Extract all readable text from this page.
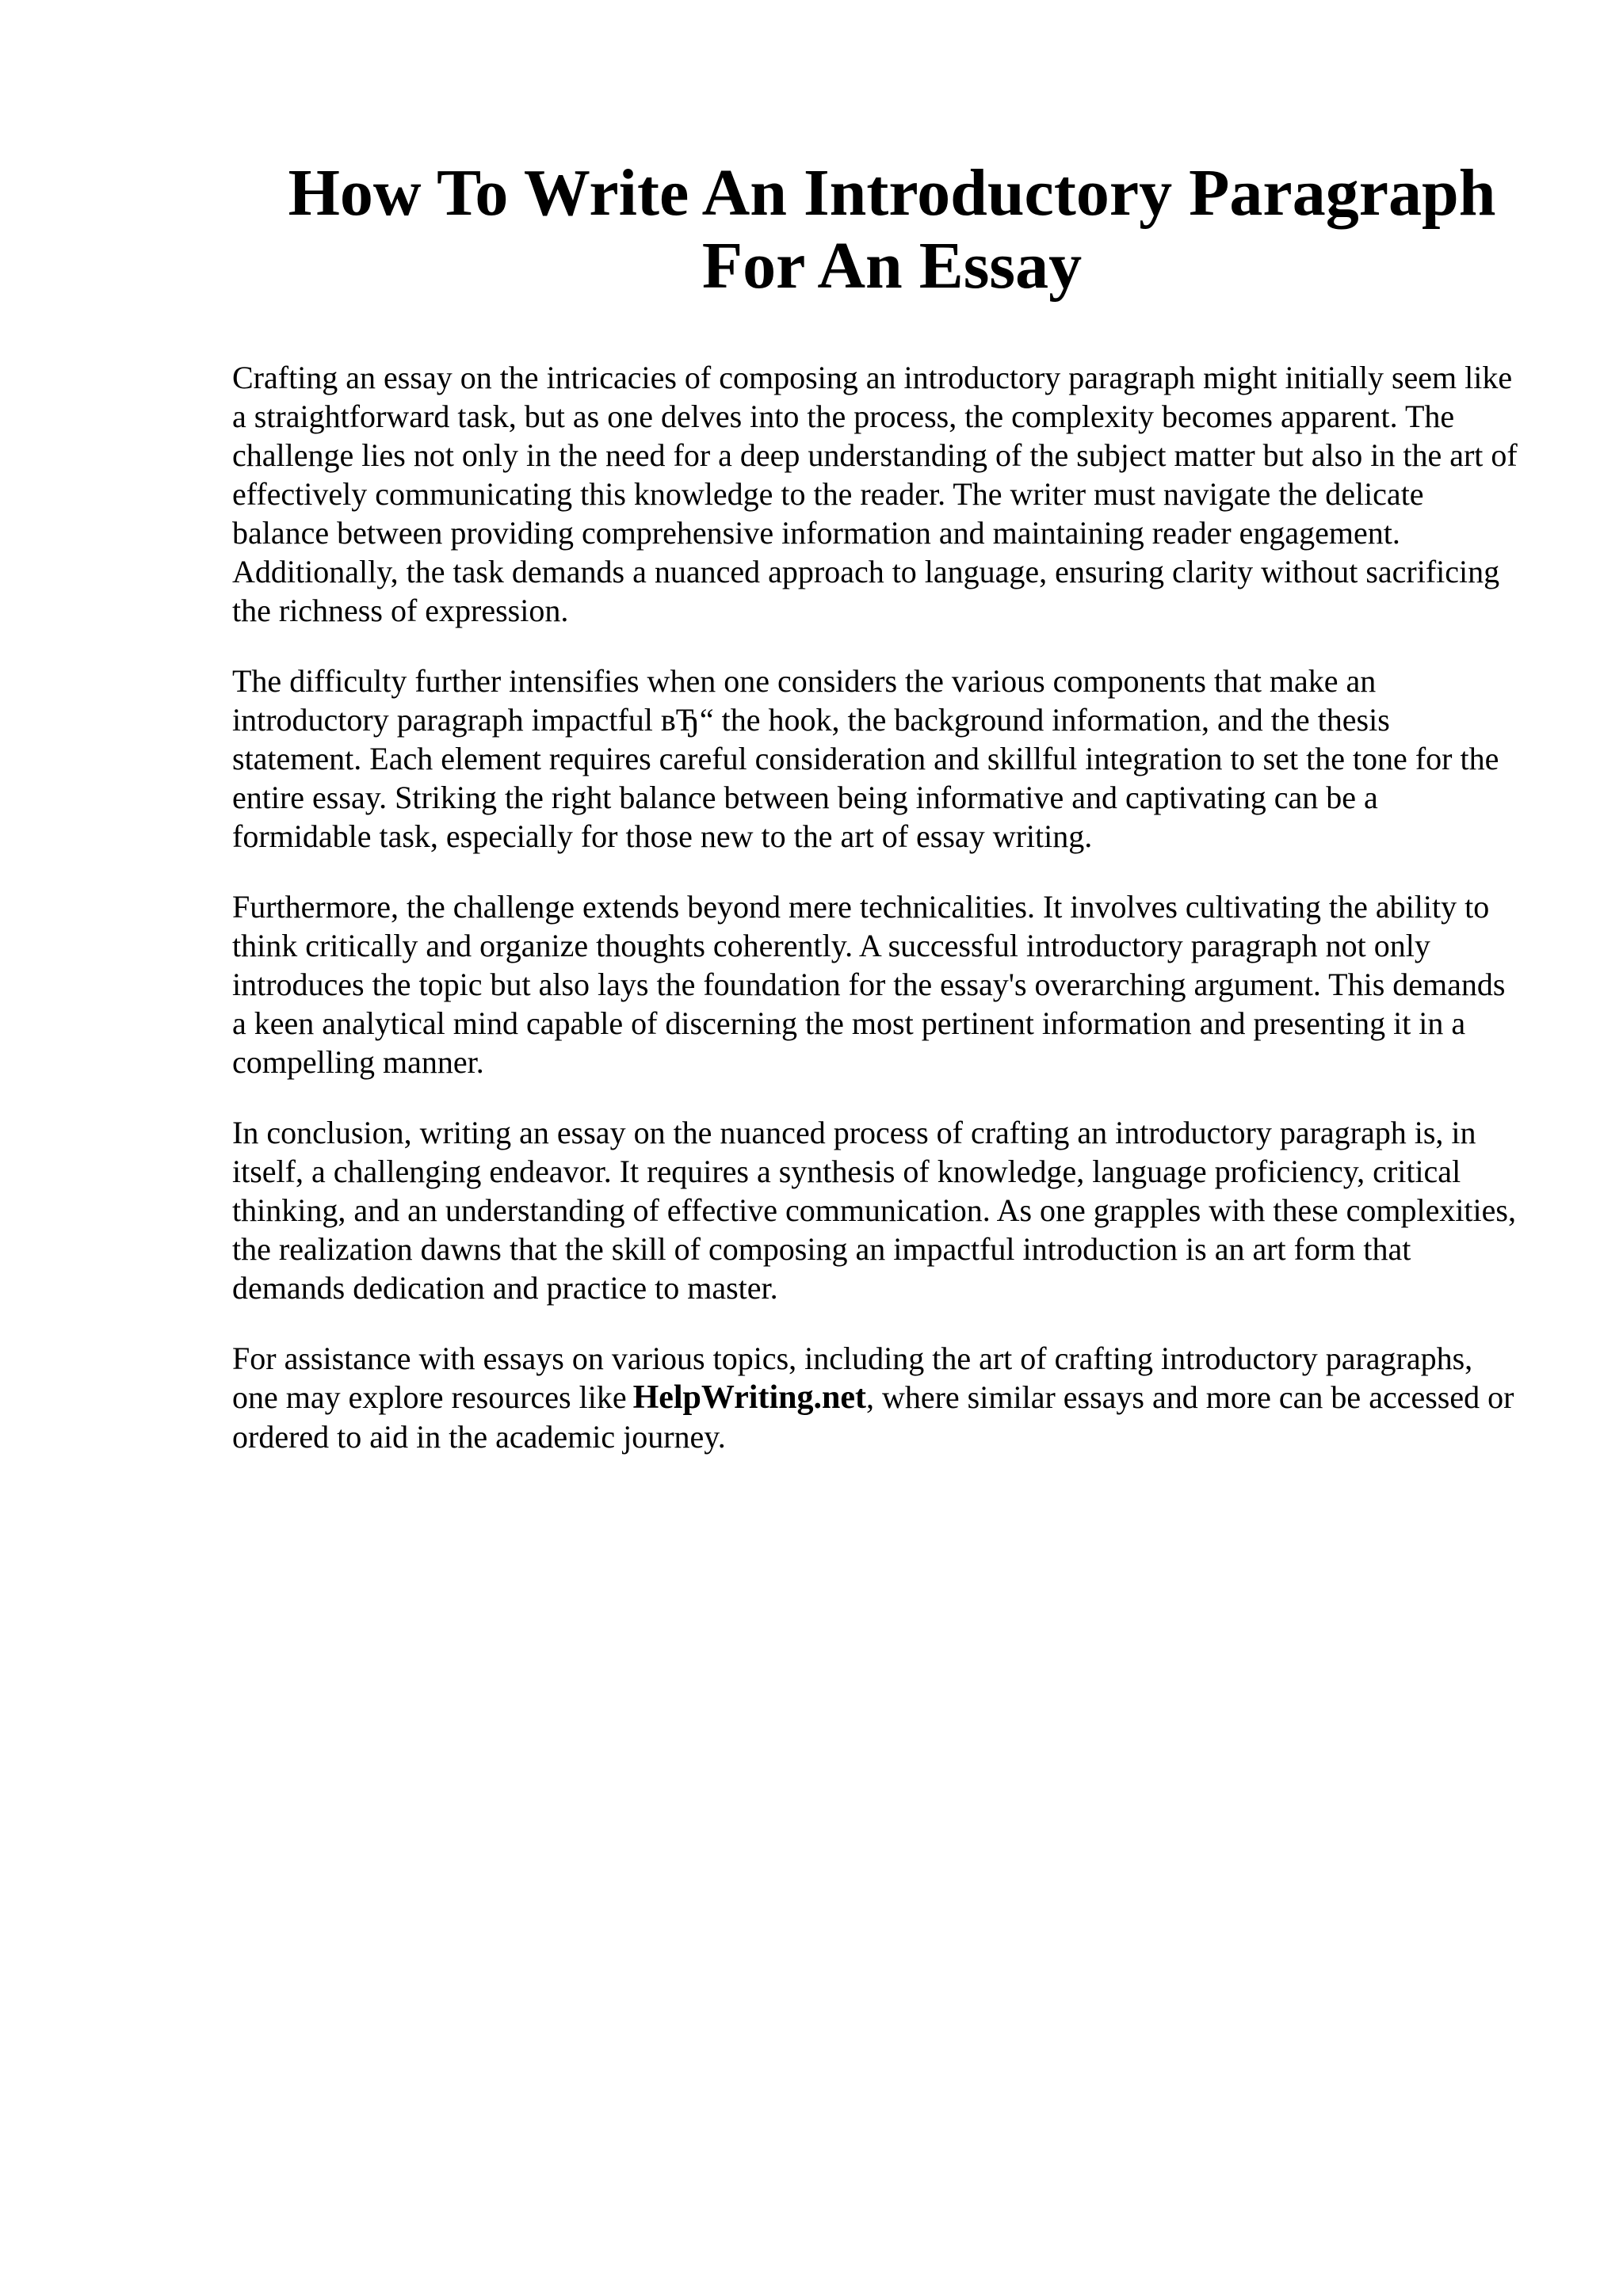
How To Write An Introductory Paragraph
For An Essay

Crafting an essay on the intricacies of composing an introductory paragraph might initially seem like a straightforward task, but as one delves into the process, the complexity becomes apparent. The challenge lies not only in the need for a deep understanding of the subject matter but also in the art of effectively communicating this knowledge to the reader. The writer must navigate the delicate balance between providing comprehensive information and maintaining reader engagement. Additionally, the task demands a nuanced approach to language, ensuring clarity without sacrificing the richness of expression.

The difficulty further intensifies when one considers the various components that make an introductory paragraph impactful вЂ“ the hook, the background information, and the thesis statement. Each element requires careful consideration and skillful integration to set the tone for the entire essay. Striking the right balance between being informative and captivating can be a formidable task, especially for those new to the art of essay writing.

Furthermore, the challenge extends beyond mere technicalities. It involves cultivating the ability to think critically and organize thoughts coherently. A successful introductory paragraph not only introduces the topic but also lays the foundation for the essay's overarching argument. This demands a keen analytical mind capable of discerning the most pertinent information and presenting it in a compelling manner.

In conclusion, writing an essay on the nuanced process of crafting an introductory paragraph is, in itself, a challenging endeavor. It requires a synthesis of knowledge, language proficiency, critical thinking, and an understanding of effective communication. As one grapples with these complexities, the realization dawns that the skill of composing an impactful introduction is an art form that demands dedication and practice to master.

For assistance with essays on various topics, including the art of crafting introductory paragraphs, one may explore resources like HelpWriting.net, where similar essays and more can be accessed or ordered to aid in the academic journey.
